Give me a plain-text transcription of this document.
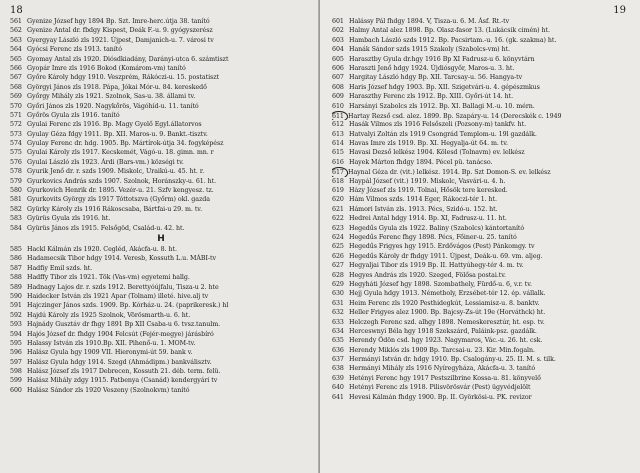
18
561 Gyenize József hgy 1894 Bp. Szt. Imre-herc.útja 38. tanító
562 Gyenize Antal dr. fbdgy Kispest, Deák F.-u. 9. gyógyszerész
563 Gyergyay László zls 1921. Újpest, Damjanich-u. 7. városi tv
564 Gyócsi Ferenc zls 1913. tanító
565 Gyomay Antal zls 1920. Diósdkiadány, Darányi-utca 6. számtiszt
566 Gyopár Imre zls 1916 Bokod (Komárom-vm) tanító
567 Győre Károly hdgy 1910. Veszprém, Rákóczi-u. 15. postatiszt
568 Györgyi János zls 1918. Pápa, Jókai Mór-u. 84. kereskedő
569 Győrgy Mihály zls 1921. Szolnok, Sas-u. 38. állami tv.
570 Győri János zls 1920. Nagykőrös, Vágóhíd-u. 11. tanító
571 Győrös Gyula zls 1916. tanító
572 Gyulai Ferenc zls 1916. Bp. Magy Gyelő Egyl.állatorvos
573 Gyulay Géza fdgy 1911. Bp. XII. Maros-u. 9. Bankt.-tisztv.
574 Gyulay Ferenc dr. hdg. 1905. Bp. Mártírok-útja 34. fogyképész
575 Gyulai Károly zls 1917. Kecskemét, Vágó-u. 18. gimn. mn. r
576 Gyulai László zls 1923. Árdi (Bars-vm.) községi tv.
578 Gyurik Jenő dr. r. szds 1909. Miskolc, Uraikú-u. 45. ht. r.
579 Gyurkovics András szds 1907. Szolnok, Horánszky-u. 61. ht.
580 Gyurkovich Henrik dr. 1895. Vezér-u. 21. Szfv kengyesz. tz.
581 Gyurkovits György zls 1917 Tóttotszva (Győrm) okl. gazda
582 Gyürky Károly zls 1916 Rákoscsaba, Bártfai-u 29. m. tv.
583 Gyürüs Gyula zls 1916. ht.
584 Gyürüs János zls 1915. Felsőgöd, Család-u. 42. ht.
H
585 Hackl Kálmán zls 1920. Cegléd, Akácfa-u. 8. ht.
586 Hadamecsik Tibor hdgy 1914. Veresb, Kossuth L.u. MÁBI-tv
587 Hadfiy Emil szds. ht.
588 Hadffy Tibor zls 1921. Tök (Vas-vm) egyetemi hallg.
589 Hadnagy Lajos dr. r. szds 1912. Berettyóújfalu, Tisza-u 2. hte
590 Haidecker István zls 1921 Apar (Tolnam) illeté. hive.alj tv
591 Hajczinger János szds. 1909. Bp. Kórház-u. 24. (paprikeresk.) hl
592 Hajdú Károly zls 1925 Szolnok, Vörösmarth-u. 6. ht.
593 Hajnády Gusztáv dr fhgy 1891 Bp XII Csaba-u 6. tvsz.tanulm.
594 Hajós József dr. fhdgy 1904 Felcsút (Fejér-megye) járásbíró
595 Halassy István zls 1910.Bp. XII. Pihenő-u. 1. MOM-tv.
596 Halász Gyula hgy 1909 VII. Hieronymi-út 59. bank v.
597 Halász Gyula hdgy 1914. Szegd (Ahmádipm.) bankválisztv.
598 Halász József zls 1917 Debrecen, Kossuth 21. déb. term. felü.
599 Halász Mihály zdgy 1915. Patbenya (Csanád) kendergyári tv
600 Halász Sándor zls 1920 Veszeny (Szolnokvm) tanító
19
601 Halássy Pál fhdgy 1894. V, Tisza-u. 6. M. Ásf. Rt.-tv
602 Halmy Antal alez 1898. Bp. Olasz-fasor 13. (Lukácsik cimén) ht.
603 Hambach László szds 1912. Bp. Pacsirtam.-u. 16. (gk. szakma) ht.
604 Hanák Sándor szds 1915 Szakoly (Szabolcs-vm) ht.
605 Harasztby Gyula dr.hgy 1916 Bp XI Fadrusz-u 6. könyvtárn
606 Haraszti Jenő hdgy 1924. Újdiósgyőr, Maros-u. 3. ht.
607 Hargitay László hdgy Bp. XII. Tarcsay-u. 56. Hangya-tv
608 Haris József hdgy 1903. Bp. XII. Szigetvári-u. 4. gépészmkus
609 Haraszthy Ferenc zls 1912. Bp. XIII. Győri-út 14. ht.
610 Harsányi Szabolcs zls 1912. Bp. XI. Ballagi M.-u. 10. mérn.
611 Hartay Rezső csd. alez. 1899. Bp. Szapáry-u. 14 (Derecskék c. 1949
612 Hasák Vilmos zls 1916 Felsőszeli (Pozsony-m) tankfv. ht.
613 Hatvalyi Zoltán zls 1919 Csongrád Templom-u. 19l gazdálk.
614 Havas Imre zls 1919. Bp. XI. Hegyalja-út 64. m. tv.
615 Havasi Dezső lelkész 1904. Kölesd (Tolnavm) ev. lelkész
616 Hayek Márton fhdgy 1894. Pécel pü. tanácso.
617 Haynal Géza dr. (vit.) lelkész. 1914. Bp. Szt Domon-S. ev. lelkész
618 Haypál József (vit.) 1919. Miskolc, Vasvári-u. 4. h.
619 Házy József zls 1919. Tolnai, Hősök tere keresked.
620 Hám Vilmos szds. 1914 Eger, Rákoczi-tér 1. ht.
621 Hámori István zls. 1913. Pécs, Szidó-u. 152. ht.
622 Hedrei Antal hdgy 1914. Bp. XI, Fadrusz-u. 11. ht.
623 Hegedűs Gyula zls 1922. Baliny (Szabolcs) kántortanító
624 Hegedűs Ferenc fhgy 1898. Pécs, Főiner-u. 25. tanító
625 Hegedűs Frigyes hgy 1915. Erdővágos (Pest) Pánkomgy. tv
626 Hegedűs Károly dr fhdgy 1911. Újpest, Deák-u. 69. vm. aljeg.
627 Hegyaljai Tibor zls 1919 Bp. II. Hattyúhegy-tér 4. m. tv.
628 Hegyes András zls 1920. Szeged, Fölősa postai.tv.
629 Hegyháti József hgy 1898. Szombathely, Fürdő-u. 6, v.r. tv.
630 Hejj Gyula hdgy 1913. Németboly, Erzsébet-tér 12. ép. vállalk.
631 Heim Ferenc zls 1920 Pesthidegkút, Lessiamisz-u. 8. banktv.
632 Heller Frigyes alez 1900. Bp. Bajcsy-Zs-út 19e (Horváthck) ht.
633 Helczegh Ferenc szd. alhgy 1898. Nemeskeresztúr, ht. esp. tv.
634 Herceswnyi Béla hgy 1918 Szekszárd, Paláink-psz. gazdálk.
635 Herendy Ödön csd. hgy 1923. Nagymaros, Vác.-u. 26. ht. csk.
636 Herendy Miklós zls 1909 Bp. Tarcsai-u. 23. Kir. Min.fogaln.
637 Hermányi István dr. hdgy 1910. Bp. Csalogány-u. 25. II. M. s. tilk.
638 Hermányi Mihály zls 1916 Nyíregyháza, Akácfa-u. 3. tanító
639 Hetényi Ferenc hgy 1917 Pestszilbrine Kossa-u. 81. könyvelő
640 Hetényi Ferenc zls 1918. Pilisvörösvár (Pest) ügyvédjelölt
641 Hevesi Kálmán fhdgy 1900. Bp. II. Györkösi-u. PK. revizor
